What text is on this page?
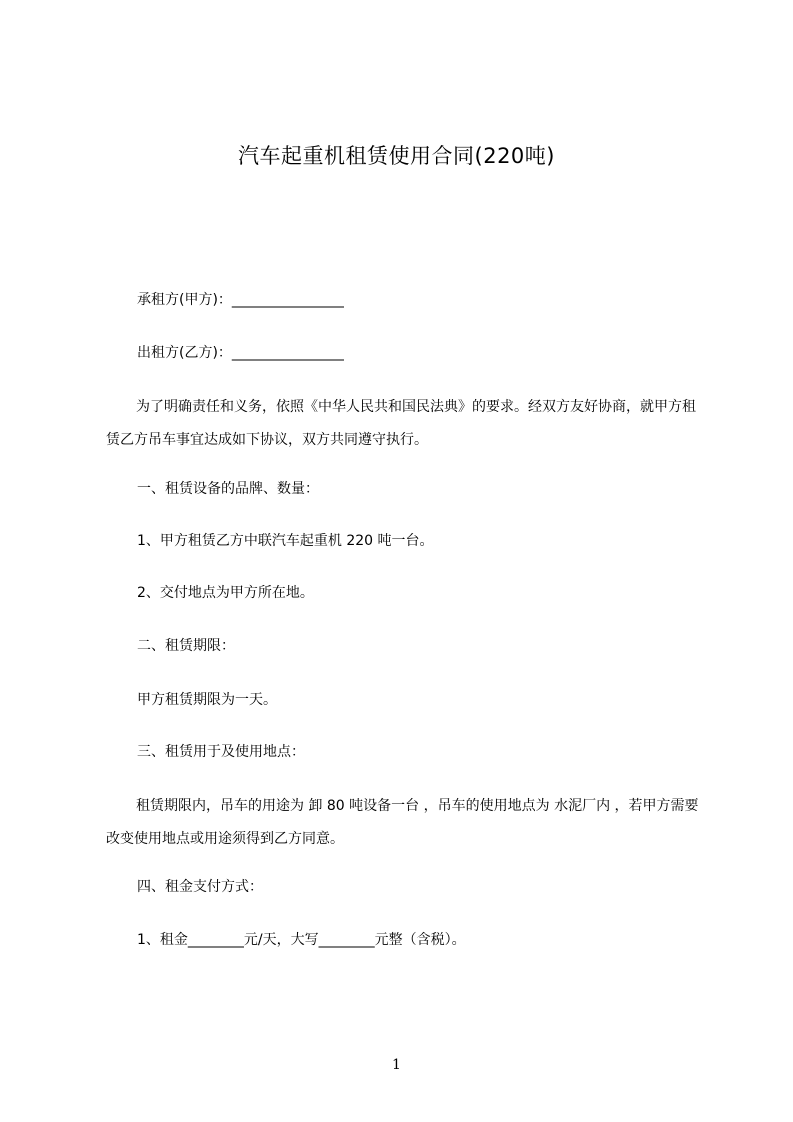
汽车起重机租赁使用合同(220吨)
承租方(甲方)：________________
出租方(乙方)：________________
为了明确责任和义务，依照《中华人民共和国民法典》的要求。经双方友好协商，就甲方租赁乙方吊车事宜达成如下协议，双方共同遵守执行。
一、租赁设备的品牌、数量：
1、甲方租赁乙方中联汽车起重机 220 吨一台。
2、交付地点为甲方所在地。
二、租赁期限：
甲方租赁期限为一天。
三、租赁用于及使用地点：
租赁期限内，吊车的用途为 卸 80 吨设备一台 ，吊车的使用地点为 水泥厂内 ，若甲方需要改变使用地点或用途须得到乙方同意。
四、租金支付方式：
1、租金________元/天，大写________元整（含税）。
1
